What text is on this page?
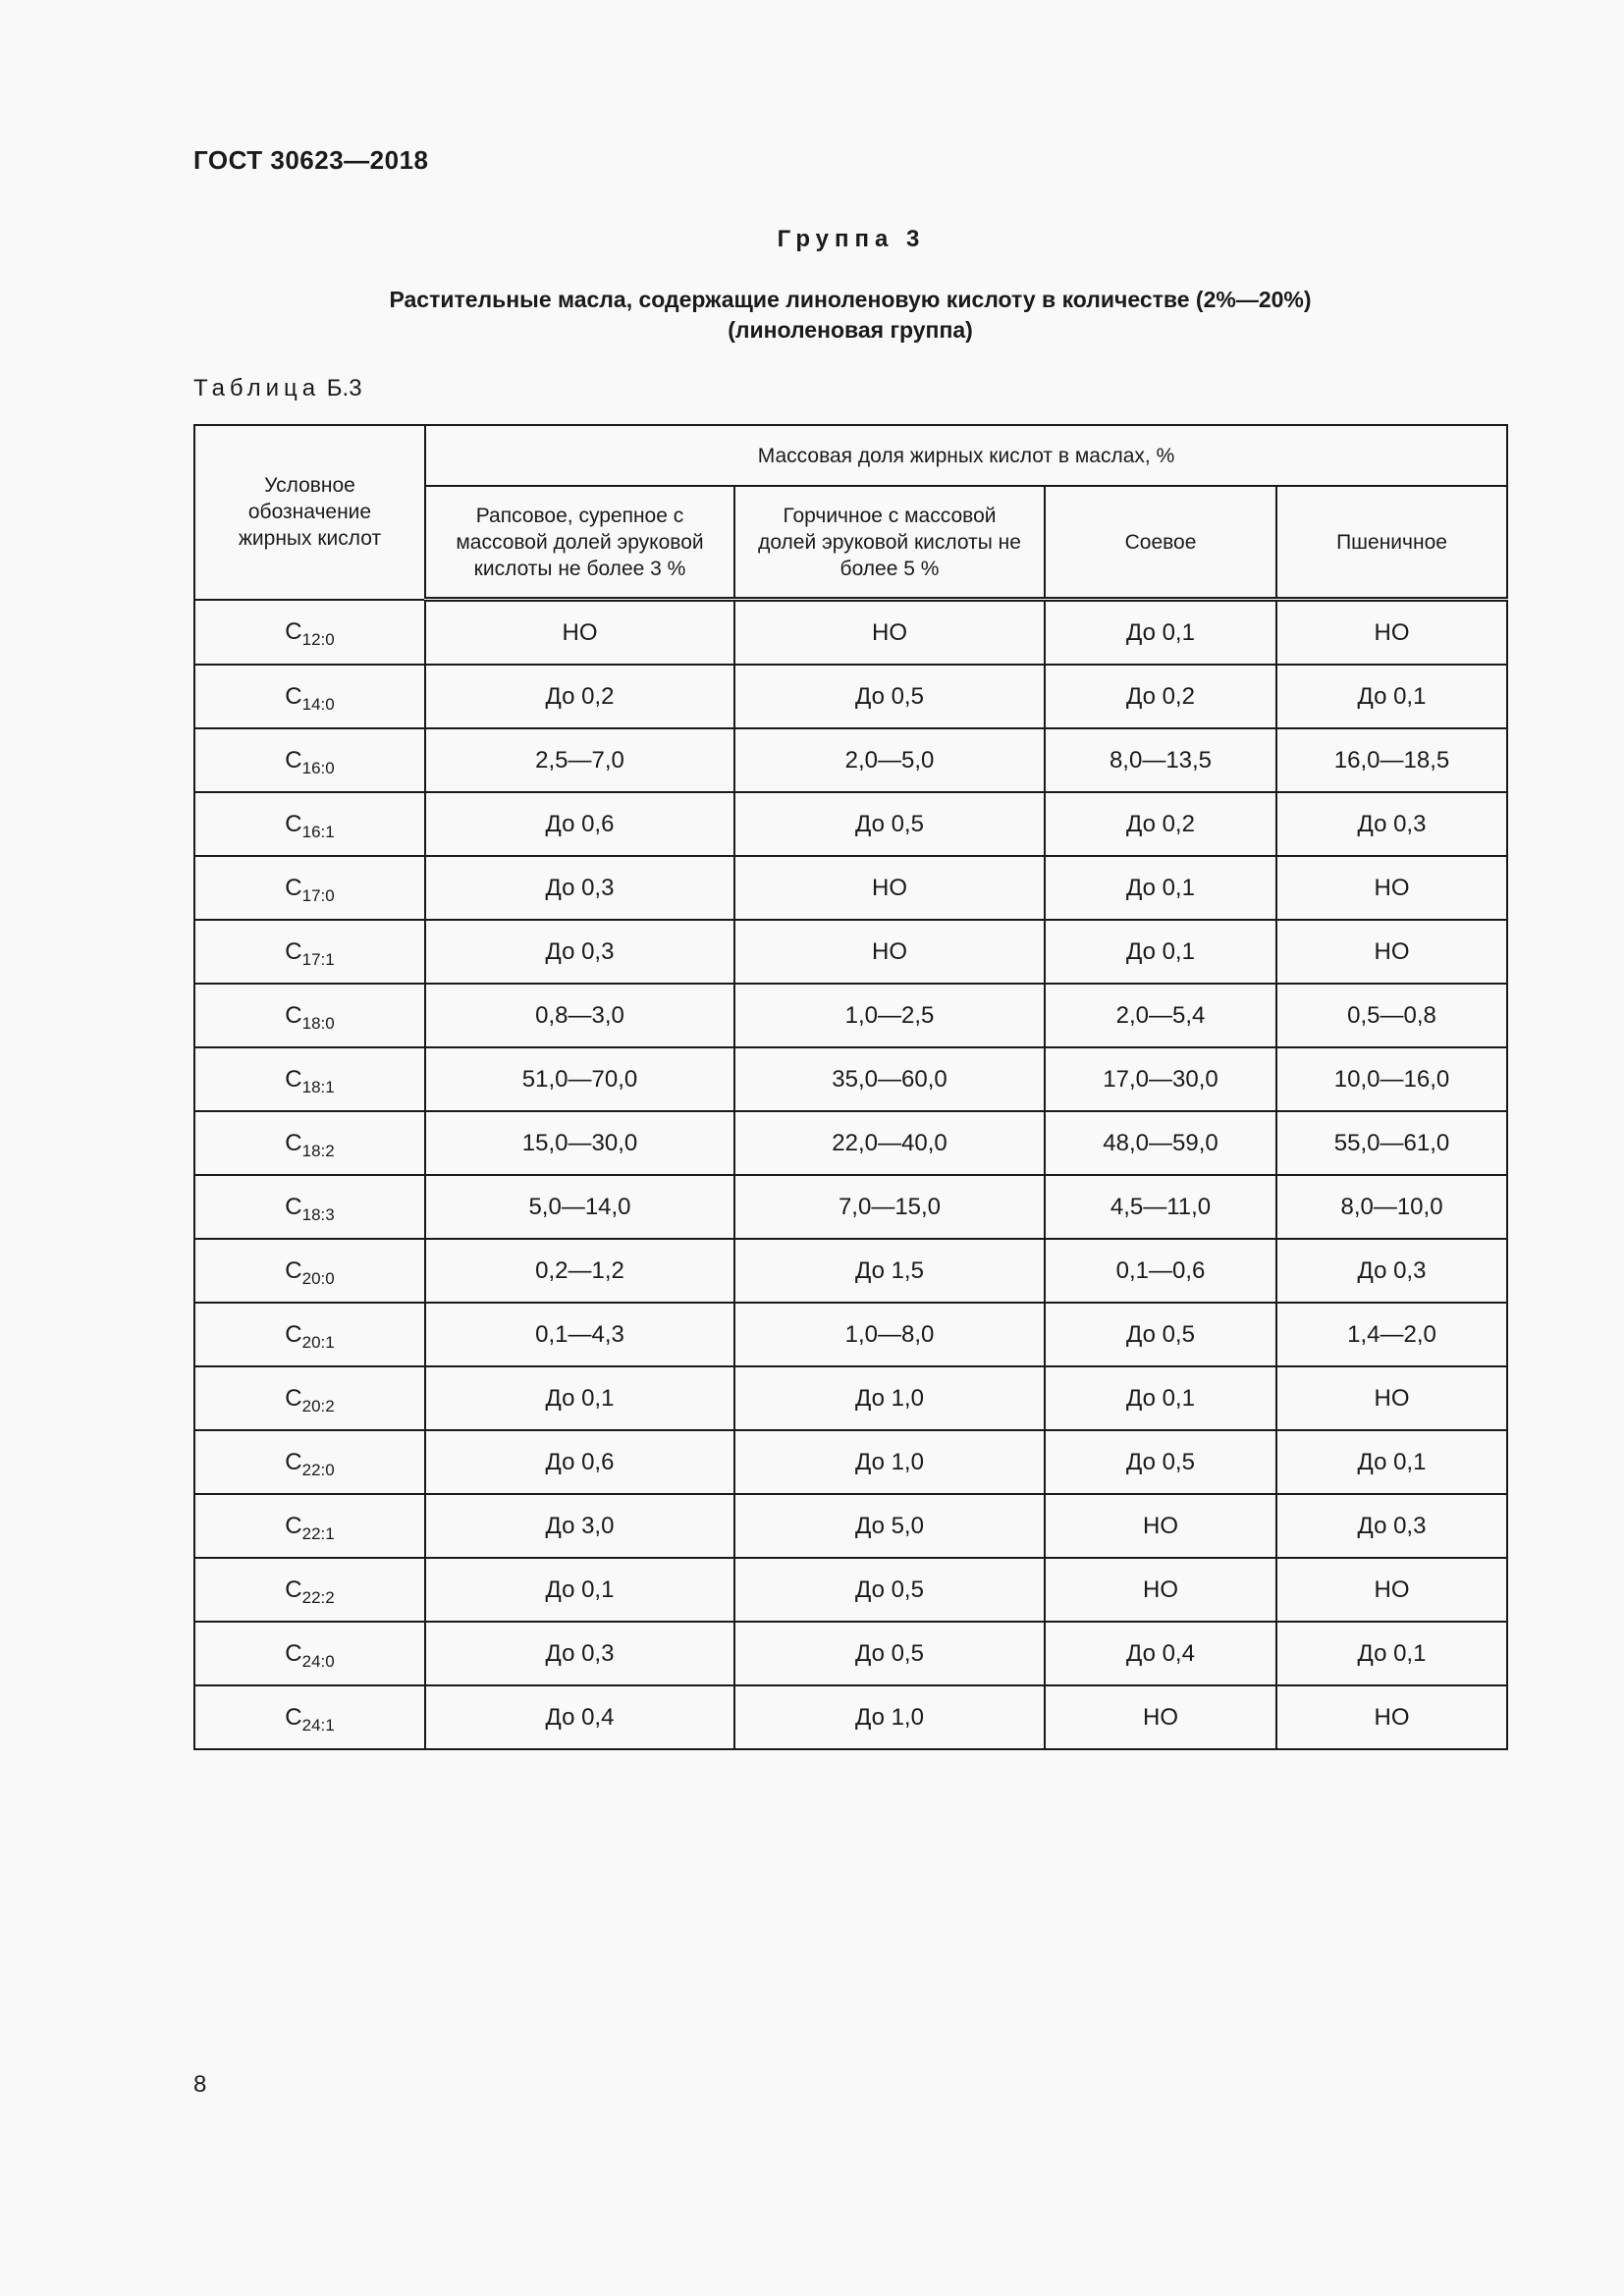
ГОСТ 30623—2018
Группа 3
Растительные масла, содержащие линоленовую кислоту в количестве (2%—20%)
(линоленовая группа)
Таблица Б.3
Условное обозначение жирных кислот	Массовая доля жирных кислот в маслах, %			
	Рапсовое, сурепное с массовой долей эруковой кислоты не более 3 %	Горчичное с массовой долей эруковой кислоты не более 5 %	Соевое	Пшеничное
$С_{12:0}$	НО	НО	До 0,1	НО
$С_{14:0}$	До 0,2	До 0,5	До 0,2	До 0,1
$С_{16:0}$	2,5—7,0	2,0—5,0	8,0—13,5	16,0—18,5
$С_{16:1}$	До 0,6	До 0,5	До 0,2	До 0,3
$С_{17:0}$	До 0,3	НО	До 0,1	НО
$С_{17:1}$	До 0,3	НО	До 0,1	НО
$С_{18:0}$	0,8—3,0	1,0—2,5	2,0—5,4	0,5—0,8
$С_{18:1}$	51,0—70,0	35,0—60,0	17,0—30,0	10,0—16,0
$С_{18:2}$	15,0—30,0	22,0—40,0	48,0—59,0	55,0—61,0
$С_{18:3}$	5,0—14,0	7,0—15,0	4,5—11,0	8,0—10,0
$С_{20:0}$	0,2—1,2	До 1,5	0,1—0,6	До 0,3
$С_{20:1}$	0,1—4,3	1,0—8,0	До 0,5	1,4—2,0
$С_{20:2}$	До 0,1	До 1,0	До 0,1	НО
$С_{22:0}$	До 0,6	До 1,0	До 0,5	До 0,1
$С_{22:1}$	До 3,0	До 5,0	НО	До 0,3
$С_{22:2}$	До 0,1	До 0,5	НО	НО
$С_{24:0}$	До 0,3	До 0,5	До 0,4	До 0,1
$С_{24:1}$	До 0,4	До 1,0	НО	НО
8
